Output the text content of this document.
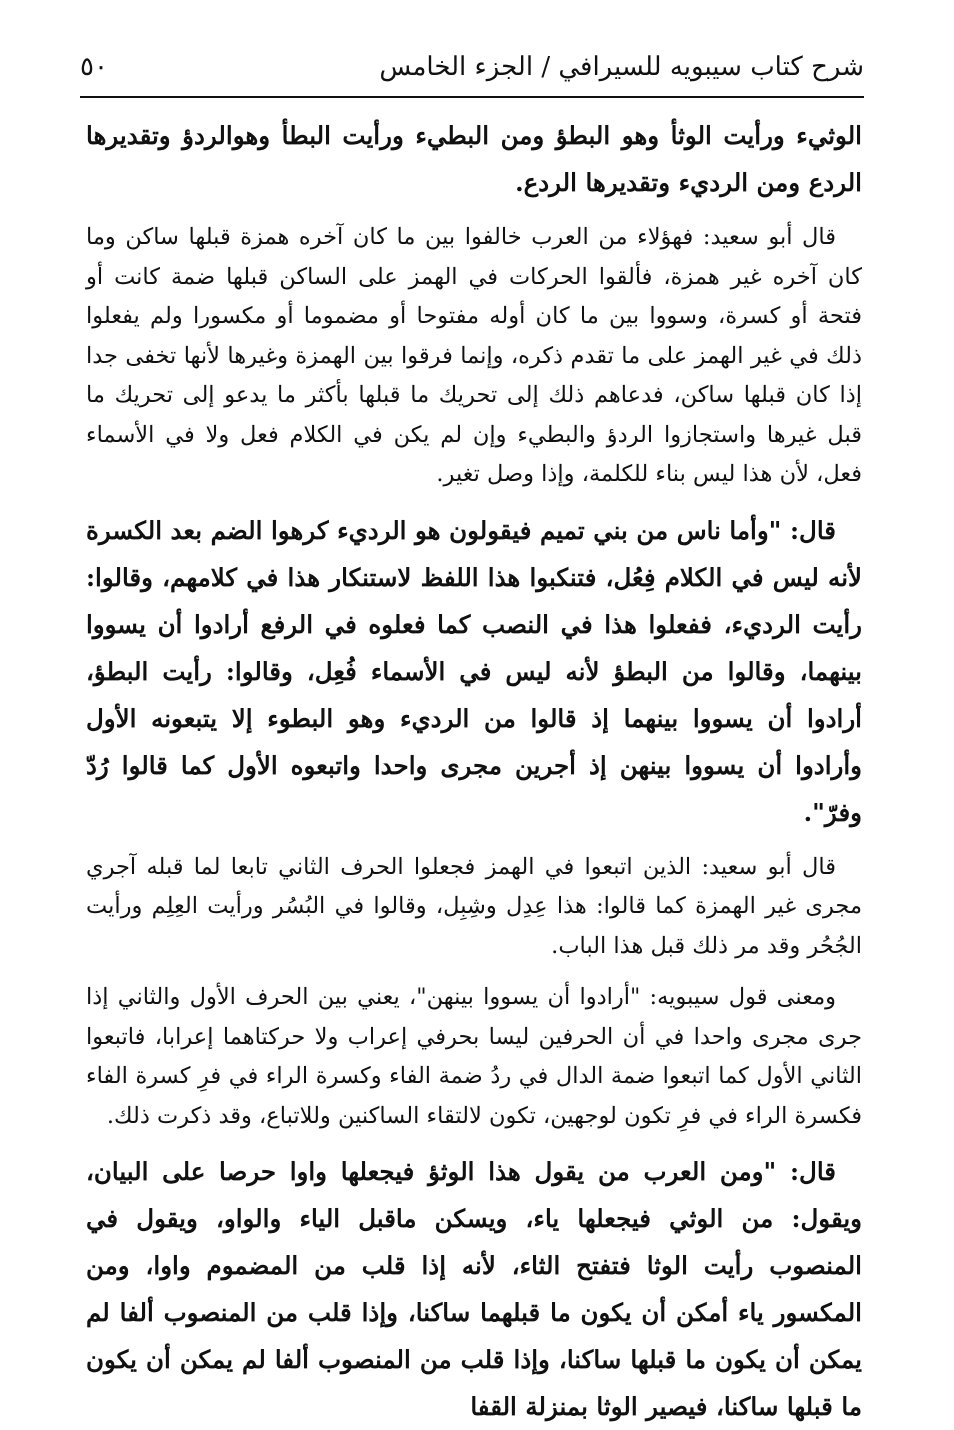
شرح كتاب سيبويه للسيرافي / الجزء الخامس
٥٠

الوثيء ورأيت الوثأ وهو البطؤ ومن البطيء ورأيت البطأ وهوالردؤ وتقديرها الردع ومن الرديء وتقديرها الردع.

قال أبو سعيد: فهؤلاء من العرب خالفوا بين ما كان آخره همزة قبلها ساكن وما كان آخره غير همزة، فألقوا الحركات في الهمز على الساكن قبلها ضمة كانت أو فتحة أو كسرة، وسووا بين ما كان أوله مفتوحا أو مضموما أو مكسورا ولم يفعلوا ذلك في غير الهمز على ما تقدم ذكره، وإنما فرقوا بين الهمزة وغيرها لأنها تخفى جدا إذا كان قبلها ساكن، فدعاهم ذلك إلى تحريك ما قبلها بأكثر ما يدعو إلى تحريك ما قبل غيرها واستجازوا الردؤ والبطيء وإن لم يكن في الكلام فعل ولا في الأسماء فعل، لأن هذا ليس بناء للكلمة، وإذا وصل تغير.

قال: "وأما ناس من بني تميم فيقولون هو الرديء كرهوا الضم بعد الكسرة لأنه ليس في الكلام فِعُل، فتنكبوا هذا اللفظ لاستنكار هذا في كلامهم، وقالوا: رأيت الرديء، ففعلوا هذا في النصب كما فعلوه في الرفع أرادوا أن يسووا بينهما، وقالوا من البطؤ لأنه ليس في الأسماء فُعِل، وقالوا: رأيت البطؤ، أرادوا أن يسووا بينهما إذ قالوا من الرديء وهو البطوء إلا يتبعونه الأول وأرادوا أن يسووا بينهن إذ أجرين مجرى واحدا واتبعوه الأول كما قالوا رُدّ وفرّ".

قال أبو سعيد: الذين اتبعوا في الهمز فجعلوا الحرف الثاني تابعا لما قبله آجري مجرى غير الهمزة كما قالوا: هذا عِدِل وشِبِل، وقالوا في البُسُر ورأيت العِلِم ورأيت الجُحُر وقد مر ذلك قبل هذا الباب.

ومعنى قول سيبويه: "أرادوا أن يسووا بينهن"، يعني بين الحرف الأول والثاني إذا جرى مجرى واحدا في أن الحرفين ليسا بحرفي إعراب ولا حركتاهما إعرابا، فاتبعوا الثاني الأول كما اتبعوا ضمة الدال في ردُ ضمة الفاء وكسرة الراء في فرِ كسرة الفاء فكسرة الراء في فرِ تكون لوجهين، تكون لالتقاء الساكنين وللاتباع، وقد ذكرت ذلك.

قال: "ومن العرب من يقول هذا الوثؤ فيجعلها واوا حرصا على البيان، ويقول: من الوثي فيجعلها ياء، ويسكن ماقبل الياء والواو، ويقول في المنصوب رأيت الوثا فتفتح الثاء، لأنه إذا قلب من المضموم واوا، ومن المكسور ياء أمكن أن يكون ما قبلهما ساكنا، وإذا قلب من المنصوب ألفا لم يمكن أن يكون ما قبلها ساكنا، وإذا قلب من المنصوب ألفا لم يمكن أن يكون ما قبلها ساكنا، فيصير الوثا بمنزلة القفا
